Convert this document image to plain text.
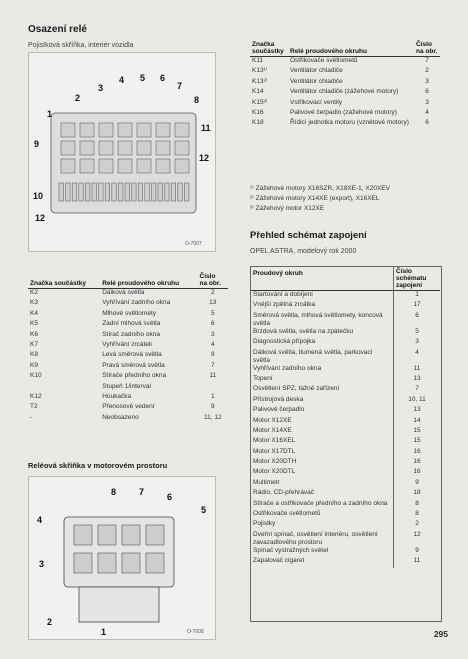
Osazení relé
Pojistková skříňka, interiér vozidla
3
4 5 6
7
2	8
1
11
9
12
10
12
O-7007
Značka součástky	Relé proudového okruhu	Číslo
na obr.
K2	Dálková světla	2
K3	Vyhřívání zadního okna	13
K4	Mlhové světlomety	5
K5	Zadní mlhová světla	6
K6	Stírač zadního okna	3
K7	Vyhřívání zrcátek	4
K8	Levá směrová světla	8
K9	Pravá směrová světla	7
K10	Stírače předního okna	11
	Stupeň 1/interval	
K12	Houkačka	1
T2	Přenosové vedení	9
-	Neobsazeno	11, 12
Reléová skříňka v motorovém prostoru
8	7	6
5
4
3
2
1	O-7008
Značka součástky	Relé proudového okruhu	Číslo
na obr.
K11	Ostřikovače světlometů	7
K13¹⁾	Ventilátor chladiče	2
K13²⁾	Ventilátor chladiče	3
K14	Ventilátor chladiče (zážehové motory)	6
K15³⁾	Vstřikovací ventily	3
K16	Palivové čerpadlo (zážehové motory)	4
K18	Řídicí jednotka motoru (vznětové motory)	6
¹⁾ Zážehové motory X16SZR, X18XE-1, X20XEV
²⁾ Zážehové motory X14XE (export), X16XEL
³⁾ Zážehový motor X12XE
Přehled schémat zapojení
OPEL ASTRA, modelový rok 2000
Proudový okruh	Číslo
schématu
zapojení
Startování a dobíjení	1
Vnější zpětná zrcátka	17
Směrová světla, mlhová světlomety, koncová světla	6
Brzdová světla, světla na zpátečku	5
Diagnostická přípojka	3
Dálková světla, tlumená světla, parkovací světla	4
Vyhřívání zadního okna	11
Topení	13
Osvětlení SPZ, tažné zařízení	7
Přístrojová deska	10, 11
Palivové čerpadlo	13
Motor X12XE	14
Motor X14XE	15
Motor X16XEL	15
Motor X17DTL	16
Motor X20DTH	16
Motor X20DTL	16
Multimetr	9
Rádio, CD-přehrávač	18
Stírače a ostřikovače předního a zadního okna	8
Ostřikovače světlometů	8
Pojistky	2
Dveřní spínač, osvětlení interiéru, osvětlení zavazadlového prostoru	12
Spínač vystražných světel	9
Zapalovač cigaret	11
295
